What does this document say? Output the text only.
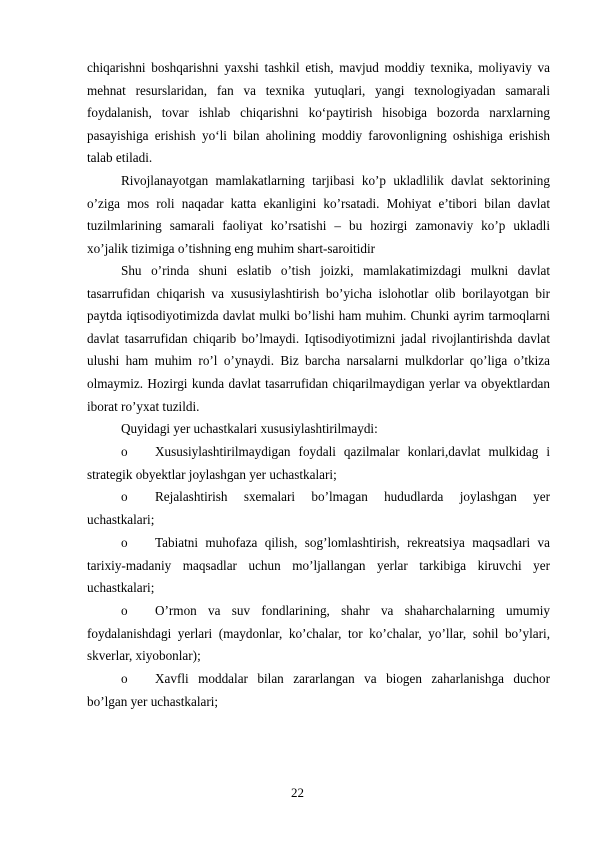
chiqarishni boshqarishni yaxshi tashkil etish, mavjud moddiy texnika, moliyaviy va mehnat resurslaridan, fan va texnika yutuqlari, yangi texnologiyadan samarali foydalanish, tovar ishlab chiqarishni ko‘paytirish hisobiga bozorda narxlarning pasayishiga erishish yo‘li bilan aholining moddiy farovonligning oshishiga erishish talab etiladi.

Rivojlanayotgan mamlakatlarning tarjibasi ko’p ukladlilik davlat sektorining o’ziga mos roli naqadar katta ekanligini ko’rsatadi. Mohiyat e’tibori bilan davlat tuzilmlarining samarali faoliyat ko’rsatishi – bu hozirgi zamonaviy ko’p ukladli xo’jalik tizimiga o’tishning eng muhim shart-saroitidir

Shu o’rinda shuni eslatib o’tish joizki, mamlakatimizdagi mulkni davlat tasarrufidan chiqarish va xususiylashtirish bo’yicha islohotlar olib borilayotgan bir paytda iqtisodiyotimizda davlat mulki bo’lishi ham muhim. Chunki ayrim tarmoqlarni davlat tasarrufidan chiqarib bo’lmaydi. Iqtisodiyotimizni jadal rivojlantirishda davlat ulushi ham muhim ro’l o’ynaydi. Biz barcha narsalarni mulkdorlar qo’liga o’tkiza olmaymiz. Hozirgi kunda davlat tasarrufidan chiqarilmaydigan yerlar va obyektlardan iborat ro’yxat tuzildi.

Quyidagi yer uchastkalari xususiylashtirilmaydi:

o Xususiylashtirilmaydigan foydali qazilmalar konlari,davlat mulkidag i strategik obyektlar joylashgan yer uchastkalari;

o Rejalashtirish sxemalari bo’lmagan hududlarda joylashgan yer uchastkalari;

o Tabiatni muhofaza qilish, sog’lomlashtirish, rekreatsiya maqsadlari va tarixiy-madaniy maqsadlar uchun mo’ljallangan yerlar tarkibiga kiruvchi yer uchastkalari;

o O’rmon va suv fondlarining, shahr va shaharchalarning umumiy foydalanishdagi yerlari (maydonlar, ko’chalar, tor ko’chalar, yo’llar, sohil bo’ylari, skverlar, xiyobonlar);

o Xavfli moddalar bilan zararlangan va biogen zaharlanishga duchor bo’lgan yer uchastkalari;

22
